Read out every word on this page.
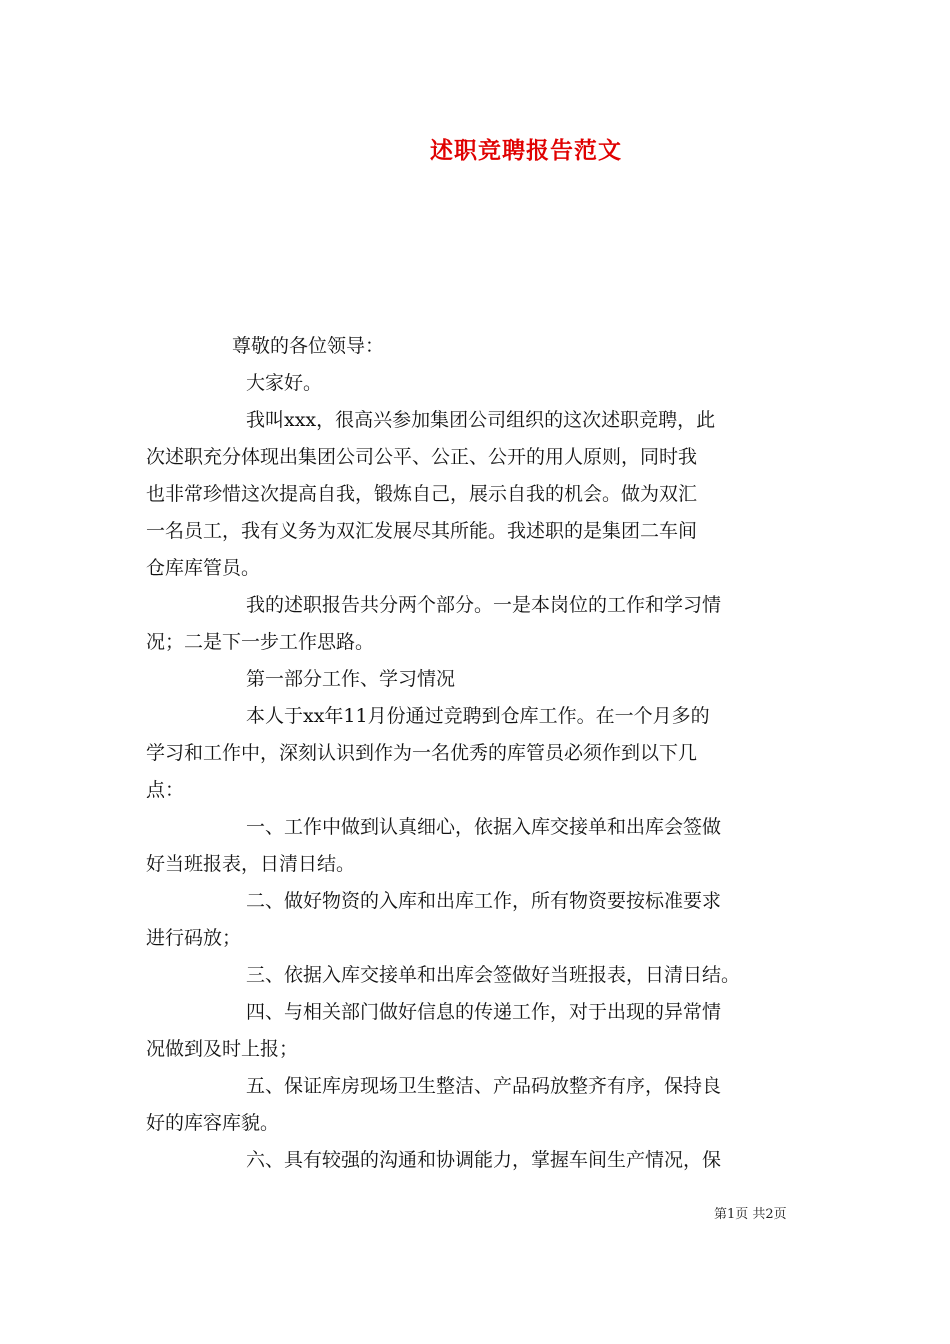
述职竞聘报告范文
尊敬的各位领导：
大家好。
我叫xxx，很高兴参加集团公司组织的这次述职竞聘，此
次述职充分体现出集团公司公平、公正、公开的用人原则，同时我
也非常珍惜这次提高自我，锻炼自己，展示自我的机会。做为双汇
一名员工，我有义务为双汇发展尽其所能。我述职的是集团二车间
仓库库管员。
我的述职报告共分两个部分。一是本岗位的工作和学习情
况；二是下一步工作思路。
第一部分工作、学习情况
本人于xx年11月份通过竞聘到仓库工作。在一个月多的
学习和工作中，深刻认识到作为一名优秀的库管员必须作到以下几
点：
一、工作中做到认真细心，依据入库交接单和出库会签做
好当班报表，日清日结。
二、做好物资的入库和出库工作，所有物资要按标准要求
进行码放；
三、依据入库交接单和出库会签做好当班报表，日清日结。
四、与相关部门做好信息的传递工作，对于出现的异常情
况做到及时上报；
五、保证库房现场卫生整洁、产品码放整齐有序，保持良
好的库容库貌。
六、具有较强的沟通和协调能力，掌握车间生产情况，保
第1页 共2页
